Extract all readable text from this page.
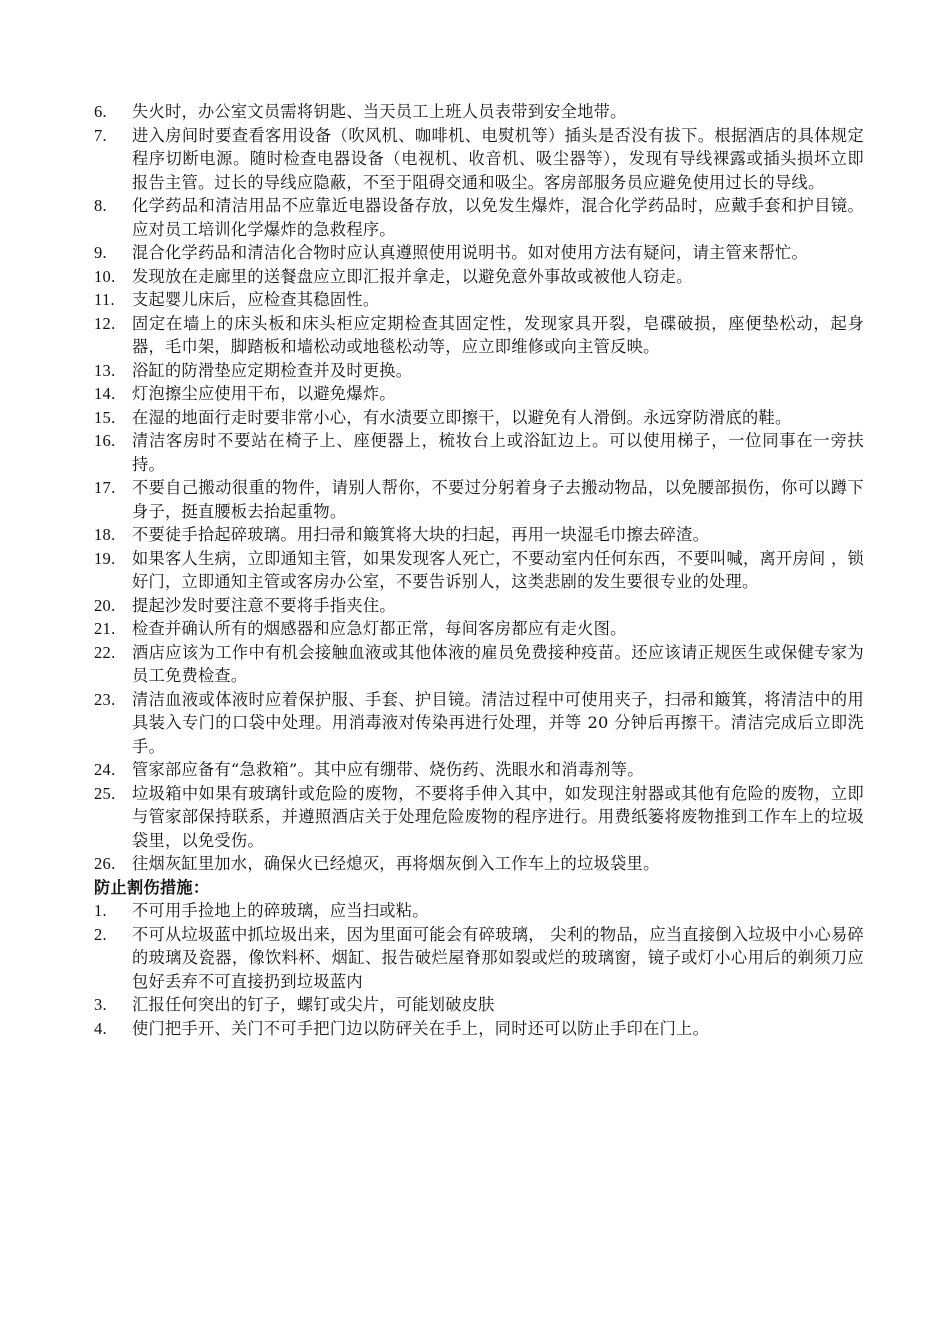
6.	失火时，办公室文员需将钥匙、当天员工上班人员表带到安全地带。

7.	进入房间时要查看客用设备（吹风机、咖啡机、电熨机等）插头是否没有拔下。根据酒店的具体规定程序切断电源。随时检查电器设备（电视机、收音机、吸尘器等），发现有导线裸露或插头损坏立即报告主管。过长的导线应隐蔽，不至于阻碍交通和吸尘。客房部服务员应避免使用过长的导线。

8.	化学药品和清洁用品不应靠近电器设备存放，以免发生爆炸，混合化学药品时，应戴手套和护目镜。应对员工培训化学爆炸的急救程序。

9.	混合化学药品和清洁化合物时应认真遵照使用说明书。如对使用方法有疑问，请主管来帮忙。

10.	发现放在走廊里的送餐盘应立即汇报并拿走，以避免意外事故或被他人窃走。

11.	支起婴儿床后，应检查其稳固性。

12.	固定在墙上的床头板和床头柜应定期检查其固定性，发现家具开裂，皂碟破损，座便垫松动，起身器，毛巾架，脚踏板和墙松动或地毯松动等，应立即维修或向主管反映。

13.	浴缸的防滑垫应定期检查并及时更换。

14.	灯泡擦尘应使用干布，以避免爆炸。

15.	在湿的地面行走时要非常小心，有水渍要立即擦干，以避免有人滑倒。永远穿防滑底的鞋。

16.	清洁客房时不要站在椅子上、座便器上，梳妆台上或浴缸边上。可以使用梯子，一位同事在一旁扶持。

17.	不要自己搬动很重的物件，请别人帮你，不要过分躬着身子去搬动物品，以免腰部损伤，你可以蹲下身子，挺直腰板去抬起重物。

18.	不要徒手拾起碎玻璃。用扫帚和簸箕将大块的扫起，再用一块湿毛巾擦去碎渣。

19.	如果客人生病，立即通知主管，如果发现客人死亡，不要动室内任何东西，不要叫喊，离开房间 ，锁好门，立即通知主管或客房办公室，不要告诉别人，这类悲剧的发生要很专业的处理。

20.	提起沙发时要注意不要将手指夹住。

21.	检查并确认所有的烟感器和应急灯都正常，每间客房都应有走火图。

22.	酒店应该为工作中有机会接触血液或其他体液的雇员免费接种疫苗。还应该请正规医生或保健专家为员工免费检查。

23.	清洁血液或体液时应着保护服、手套、护目镜。清洁过程中可使用夹子，扫帚和簸箕，将清洁中的用具装入专门的口袋中处理。用消毒液对传染再进行处理，并等 20 分钟后再擦干。清洁完成后立即洗手。

24.	管家部应备有“急救箱”。其中应有绷带、烧伤药、洗眼水和消毒剂等。

25.	垃圾箱中如果有玻璃针或危险的废物，不要将手伸入其中，如发现注射器或其他有危险的废物，立即与管家部保持联系，并遵照酒店关于处理危险废物的程序进行。用费纸篓将废物推到工作车上的垃圾袋里，以免受伤。

26.	往烟灰缸里加水，确保火已经熄灭，再将烟灰倒入工作车上的垃圾袋里。

防止割伤措施：

1.	不可用手捡地上的碎玻璃，应当扫或粘。

2.	不可从垃圾蓝中抓垃圾出来，因为里面可能会有碎玻璃， 尖利的物品，应当直接倒入垃圾中小心易碎的玻璃及瓷器，像饮料杯、烟缸、报告破烂屋脊那如裂或烂的玻璃窗，镜子或灯小心用后的剃须刀应包好丢弃不可直接扔到垃圾蓝内

3.	汇报任何突出的钉子，螺钉或尖片，可能划破皮肤

4.	使门把手开、关门不可手把门边以防砰关在手上，同时还可以防止手印在门上。
